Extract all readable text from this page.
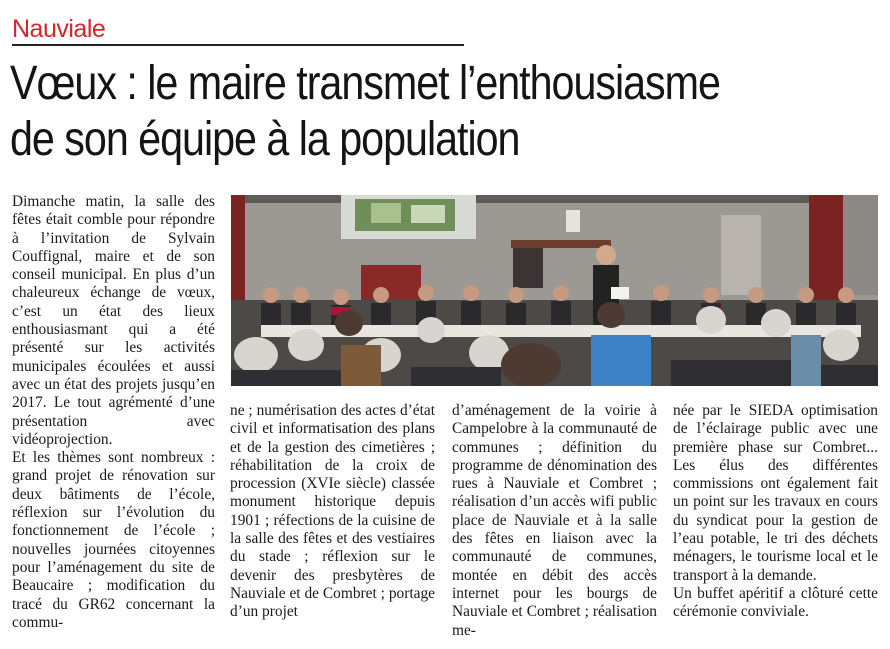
Nauviale
Vœux : le maire transmet l’enthousiasme
de son équipe à la population

Dimanche matin, la salle des fêtes était comble pour répondre à l’invitation de Sylvain Couffignal, maire et de son conseil municipal. En plus d’un chaleureux échange de vœux, c’est un état des lieux enthousiasmant qui a été présenté sur les activités municipales écoulées et aussi avec un état des projets jusqu’en 2017. Le tout agrémenté d’une présentation avec vidéoprojection.

Et les thèmes sont nombreux : grand projet de rénovation sur deux bâtiments de l’école, réflexion sur l’évolution du fonctionnement de l’école ; nouvelles journées citoyennes pour l’aménagement du site de Beaucaire ; modification du tracé du GR62 concernant la commu-

ne ; numérisation des actes d’état civil et informatisation des plans et de la gestion des cimetières ; réhabilitation de la croix de procession (XVIe siècle) classée monument historique depuis 1901 ; réfections de la cuisine de la salle des fêtes et des vestiaires du stade ; réflexion sur le devenir des presbytères de Nauviale et de Combret ; portage d’un projet

d’aménagement de la voirie à Campelobre à la communauté de communes ; définition du programme de dénomination des rues à Nauviale et Combret ; réalisation d’un accès wifi public place de Nauviale et à la salle des fêtes en liaison avec la communauté de communes, montée en débit des accès internet pour les bourgs de Nauviale et Combret ; réalisation me-

née par le SIEDA optimisation de l’éclairage public avec une première phase sur Combret... Les élus des différentes commissions ont également fait un point sur les travaux en cours du syndicat pour la gestion de l’eau potable, le tri des déchets ménagers, le tourisme local et le transport à la demande.

Un buffet apéritif a clôturé cette cérémonie conviviale.
